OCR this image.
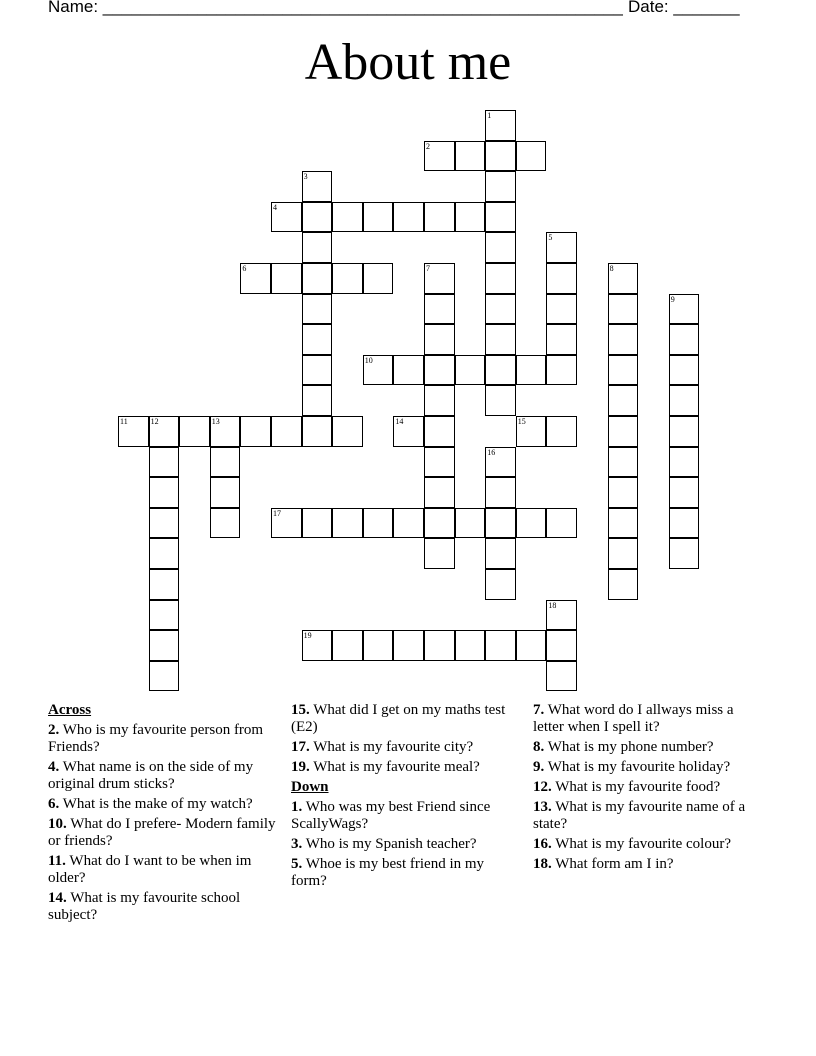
Name: _______________________________________________________ Date: _______
About me
1
2
3
4
5
6	7	8
9
10
11	12	13	14	15
16
17
18
19
Across
2. Who is my favourite person from Friends?
4. What name is on the side of my original drum sticks?
6. What is the make of my watch?
10. What do I prefere- Modern family or friends?
11. What do I want to be when im older?
14. What is my favourite school subject?
15. What did I get on my maths test (E2)
17. What is my favourite city?
19. What is my favourite meal?
Down
1. Who was my best Friend since ScallyWags?
3. Who is my Spanish teacher?
5. Whoe is my best friend in my form?
7. What word do I allways miss a letter when I spell it?
8. What is my phone number?
9. What is my favourite holiday?
12. What is my favourite food?
13. What is my favourite name of a state?
16. What is my favourite colour?
18. What form am I in?
